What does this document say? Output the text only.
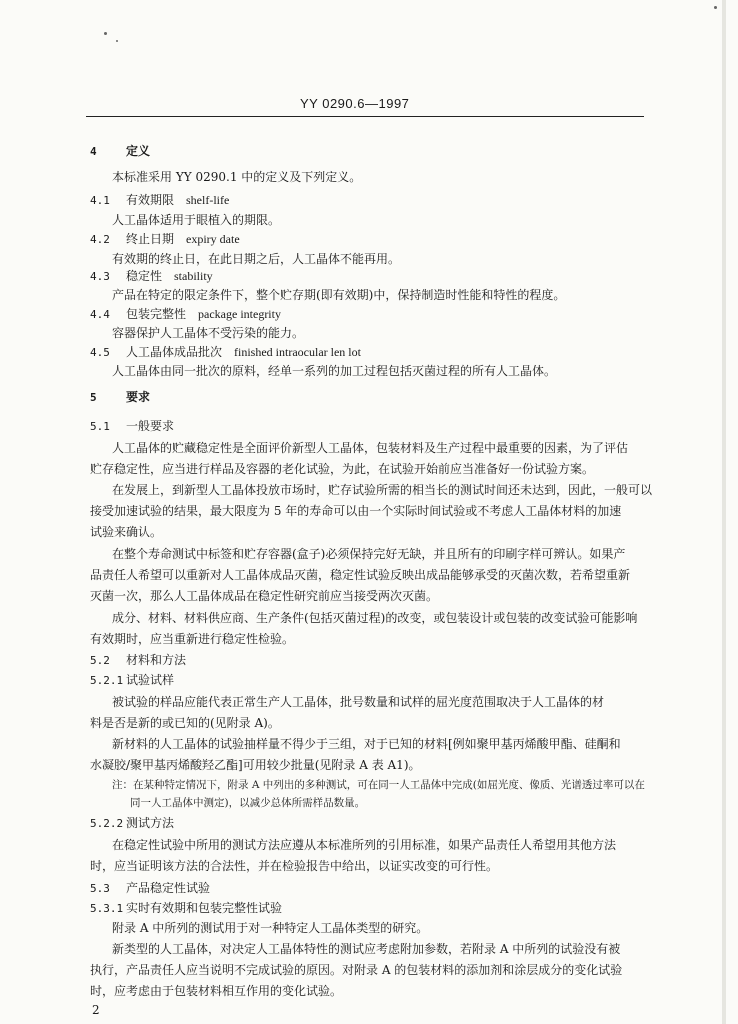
YY 0290.6—1997
4 定义
本标准采用 YY 0290.1 中的定义及下列定义。
4.1 有效期限 shelf-life
人工晶体适用于眼植入的期限。
4.2 终止日期 expiry date
有效期的终止日，在此日期之后，人工晶体不能再用。
4.3 稳定性 stability
产品在特定的限定条件下，整个贮存期(即有效期)中，保持制造时性能和特性的程度。
4.4 包装完整性 package integrity
容器保护人工晶体不受污染的能力。
4.5 人工晶体成品批次 finished intraocular len lot
人工晶体由同一批次的原料，经单一系列的加工过程包括灭菌过程的所有人工晶体。
5 要求
5.1 一般要求
人工晶体的贮藏稳定性是全面评价新型人工晶体，包装材料及生产过程中最重要的因素，为了评估
贮存稳定性，应当进行样品及容器的老化试验，为此，在试验开始前应当准备好一份试验方案。
在发展上，到新型人工晶体投放市场时，贮存试验所需的相当长的测试时间还未达到，因此，一般可以
接受加速试验的结果，最大限度为 5 年的寿命可以由一个实际时间试验或不考虑人工晶体材料的加速
试验来确认。
在整个寿命测试中标签和贮存容器(盒子)必须保持完好无缺，并且所有的印刷字样可辨认。如果产
品责任人希望可以重新对人工晶体成品灭菌，稳定性试验反映出成品能够承受的灭菌次数，若希望重新
灭菌一次，那么人工晶体成品在稳定性研究前应当接受两次灭菌。
成分、材料、材料供应商、生产条件(包括灭菌过程)的改变，或包装设计或包装的改变试验可能影响
有效期时，应当重新进行稳定性检验。
5.2 材料和方法
5.2.1 试验试样
被试验的样品应能代表正常生产人工晶体，批号数量和试样的屈光度范围取决于人工晶体的材
料是否是新的或已知的(见附录 A)。
新材料的人工晶体的试验抽样量不得少于三组，对于已知的材料[例如聚甲基丙烯酸甲酯、硅酮和
水凝胶/聚甲基丙烯酸羟乙酯]可用较少批量(见附录 A 表 A1)。
注：在某种特定情况下，附录 A 中列出的多种测试，可在同一人工晶体中完成(如屈光度、像质、光谱透过率可以在
同一人工晶体中测定)，以减少总体所需样品数量。
5.2.2 测试方法
在稳定性试验中所用的测试方法应遵从本标准所列的引用标准，如果产品责任人希望用其他方法
时，应当证明该方法的合法性，并在检验报告中给出，以证实改变的可行性。
5.3 产品稳定性试验
5.3.1 实时有效期和包装完整性试验
附录 A 中所列的测试用于对一种特定人工晶体类型的研究。
新类型的人工晶体，对决定人工晶体特性的测试应考虑附加参数，若附录 A 中所列的试验没有被
执行，产品责任人应当说明不完成试验的原因。对附录 A 的包装材料的添加剂和涂层成分的变化试验
时，应考虑由于包装材料相互作用的变化试验。
2
